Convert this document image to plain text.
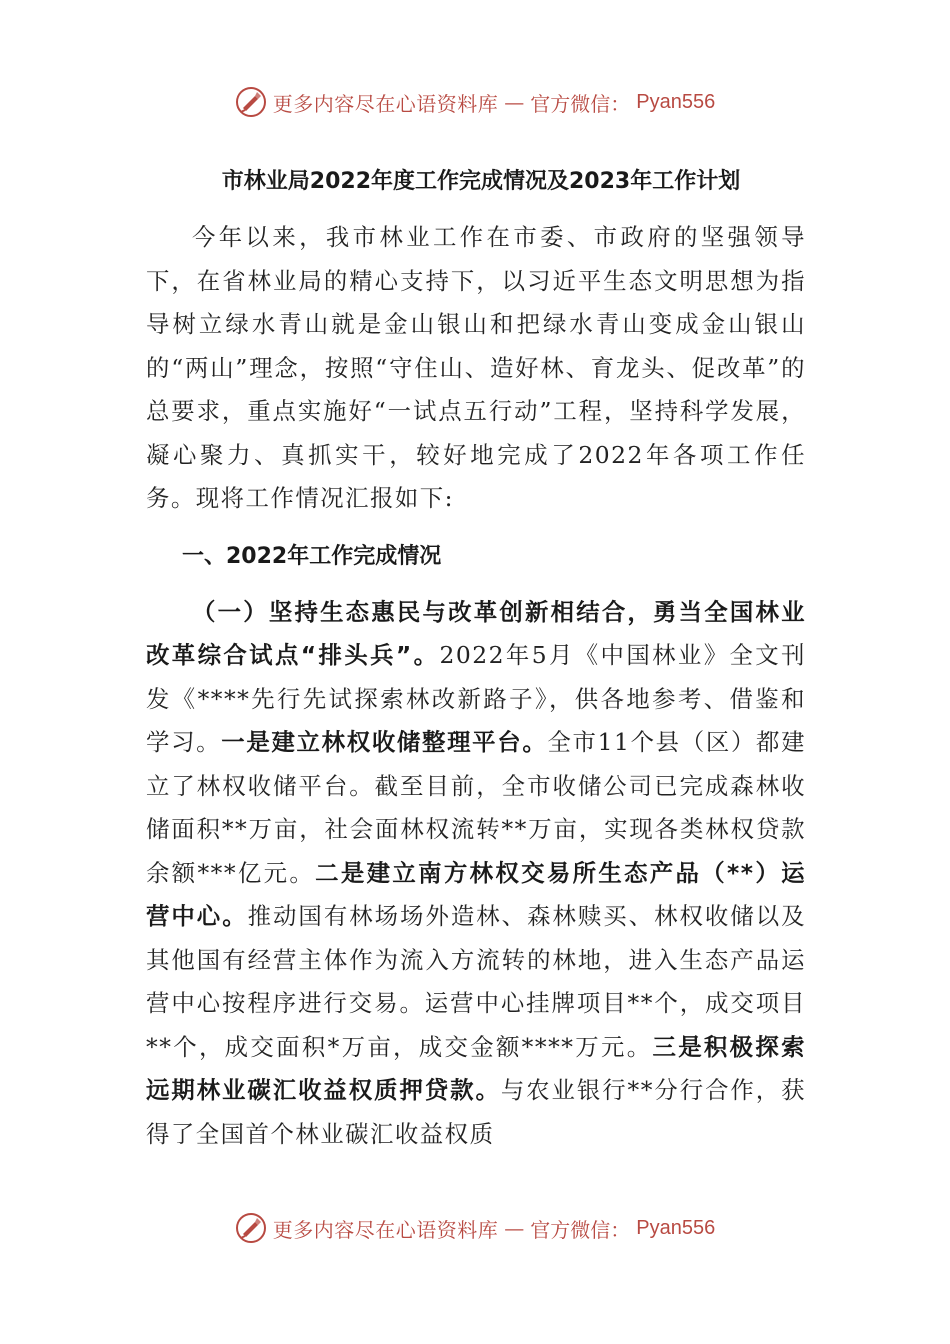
更多内容尽在心语资料库 — 官方微信： Pyan556
市林业局2022年度工作完成情况及2023年工作计划

今年以来，我市林业工作在市委、市政府的坚强领导下，在省林业局的精心支持下，以习近平生态文明思想为指导树立绿水青山就是金山银山和把绿水青山变成金山银山的“两山”理念，按照“守住山、造好林、育龙头、促改革”的总要求，重点实施好“一试点五行动”工程，坚持科学发展，凝心聚力、真抓实干，较好地完成了2022年各项工作任务。现将工作情况汇报如下:

一、2022年工作完成情况

（一）坚持生态惠民与改革创新相结合，勇当全国林业改革综合试点“排头兵”。2022年5月《中国林业》全文刊发《****先行先试探索林改新路子》，供各地参考、借鉴和学习。一是建立林权收储整理平台。全市11个县（区）都建立了林权收储平台。截至目前，全市收储公司已完成森林收储面积**万亩，社会面林权流转**万亩，实现各类林权贷款余额***亿元。二是建立南方林权交易所生态产品（**）运营中心。推动国有林场场外造林、森林赎买、林权收储以及其他国有经营主体作为流入方流转的林地，进入生态产品运营中心按程序进行交易。运营中心挂牌项目**个，成交项目**个，成交面积*万亩，成交金额****万元。三是积极探索远期林业碳汇收益权质押贷款。与农业银行**分行合作，获得了全国首个林业碳汇收益权质

更多内容尽在心语资料库 — 官方微信： Pyan556
